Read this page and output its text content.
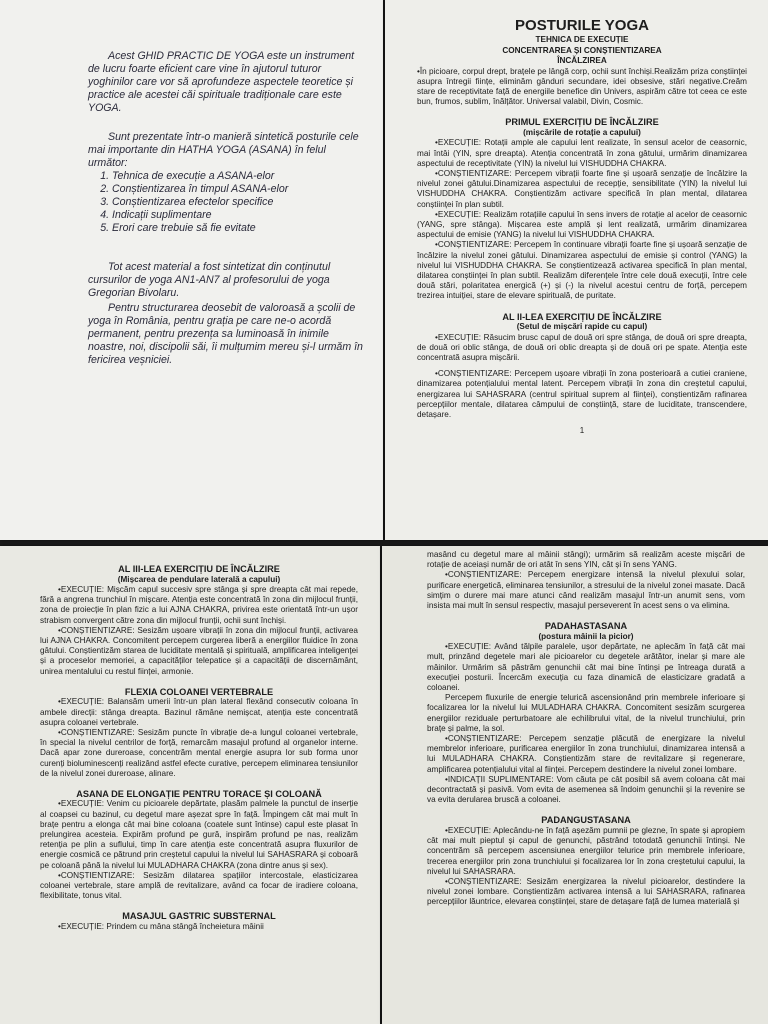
Acest GHID PRACTIC DE YOGA este un instrument de lucru foarte eficient care vine în ajutorul tuturor yoghinilor care vor să aprofundeze aspectele teoretice și practice ale acestei căi spirituale tradiționale care este YOGA.

Sunt prezentate într-o manieră sintetică posturile cele mai importante din HATHA YOGA (ASANA) în felul următor:

1. Tehnica de execuție a ASANA-elor
2. Conștientizarea în timpul ASANA-elor
3. Conștientizarea efectelor specifice
4. Indicații suplimentare
5. Erori care trebuie să fie evitate

Tot acest material a fost sintetizat din conținutul cursurilor de yoga AN1-AN7 al profesorului de yoga Gregorian Bivolaru.

Pentru structurarea deosebit de valoroasă a școlii de yoga în România, pentru grația pe care ne-o acordă permanent, pentru prezența sa luminoasă în inimile noastre, noi, discipolii săi, îi mulțumim mereu și-l urmăm în fericirea veșniciei.

POSTURILE YOGA

TEHNICA DE EXECUȚIE

CONCENTRAREA ȘI CONȘTIENTIZAREA

ÎNCĂLZIREA

•În picioare, corpul drept, brațele pe lângă corp, ochii sunt închiși.Realizăm priza conștiinței asupra întregii ființe, eliminăm gânduri secundare, idei obsesive, stări negative.Creăm stare de receptivitate față de energiile benefice din Univers, aspirăm către tot ceea ce este bun, frumos, sublim, înălțător. Universal valabil, Divin, Cosmic.

PRIMUL EXERCIȚIU DE ÎNCĂLZIRE

(mișcările de rotație a capului)

•EXECUȚIE: Rotații ample ale capului lent realizate, în sensul acelor de ceasornic, mai întâi (YIN, spre dreapta). Atenția concentrată în zona gâtului, urmărim dinamizarea aspectului de receptivitate (YIN) la nivelul lui VISHUDDHA CHAKRA.

•CONȘTIENTIZARE: Percepem vibrații foarte fine și ușoară senzație de încălzire la nivelul zonei gâtului.Dinamizarea aspectului de recepție, sensibilitate (YIN) la nivelul lui VISHUDDHA CHAKRA. Conștientizăm activare specifică în plan mental, dilatarea conștiinței în plan subtil.

•EXECUȚIE: Realizăm rotațiile capului în sens invers de rotație al acelor de ceasornic (YANG, spre stânga). Mișcarea este amplă și lent realizată, urmărim dinamizarea aspectului de emisie (YANG) la nivelul lui VISHUDDHA CHAKRA.

•CONȘTIENTIZARE: Percepem în continuare vibrații foarte fine și ușoară senzație de încălzire la nivelul zonei gâtului. Dinamizarea aspectului de emisie și control (YANG) la nivelul lui VISHUDDHA CHAKRA. Se conștientizează activarea specifică în plan mental, dilatarea conștiinței în plan subtil. Realizăm diferențele între cele două execuții, între cele două stări, polaritatea energică (+) și (-) la nivelul acestui centru de forță, percepem trezirea intuiției, stare de elevare spirituală, de puritate.

AL II-LEA EXERCIȚIU DE ÎNCĂLZIRE

(Setul de mișcări rapide cu capul)

•EXECUȚIE: Răsucim brusc capul de două ori spre stânga, de două ori spre dreapta, de două ori oblic stânga, de două ori oblic dreapta și de două ori pe spate. Atenția este concentrată asupra mișcării.

•CONȘTIENTIZARE: Percepem ușoare vibrații în zona posterioară a cutiei craniene, dinamizarea potențialului mental latent. Percepem vibrații în zona din creștetul capului, energizarea lui SAHASRARA (centrul spiritual suprem al ființei), conștientizăm rafinarea percepțiilor mentale, dilatarea câmpului de conștiință, stare de luciditate, transcendere, detașare.

1

AL III-LEA EXERCIȚIU DE ÎNCĂLZIRE

(Mișcarea de pendulare laterală a capului)

•EXECUȚIE: Mișcăm capul succesiv spre stânga și spre dreapta cât mai repede, fără a angrena trunchiul în mișcare. Atenția este concentrată în zona din mijlocul frunții, zona de proiecție în plan fizic a lui AJNA CHAKRA, privirea este orientată într-un ușor strabism convergent către zona din mijlocul frunții, ochii sunt închiși.

•CONȘTIENTIZARE: Sesizăm ușoare vibrații în zona din mijlocul frunții, activarea lui AJNA CHAKRA. Concomitent percepem curgerea liberă a energiilor fluidice în zona gâtului. Conștientizăm starea de luciditate mentală și spirituală, amplificarea inteligenței și a proceselor memoriei, a capacităților telepatice și a capacității de discernământ, unirea mentalului cu restul ființei, armonie.

FLEXIA COLOANEI VERTEBRALE

•EXECUȚIE: Balansăm umerii într-un plan lateral flexând consecutiv coloana în ambele direcții: stânga dreapta. Bazinul rămâne nemișcat, atenția este concentrată asupra coloanei vertebrale.

•CONȘTIENTIZARE: Sesizăm puncte în vibrație de-a lungul coloanei vertebrale, în special la nivelul centrilor de forță, remarcăm masajul profund al organelor interne. Dacă apar zone dureroase, concentrăm mental energie asupra lor sub forma unor curenți bioluminescenți realizând astfel efecte curative, percepem eliminarea tensiunilor de la nivelul zonei dureroase, alinare.

ASANA DE ELONGAȚIE PENTRU TORACE ȘI COLOANĂ

•EXECUȚIE: Venim cu picioarele depărtate, plasăm palmele la punctul de inserție al coapsei cu bazinul, cu degetul mare așezat spre în față. Împingem cât mai mult în brațe pentru a elonga cât mai bine coloana (coatele sunt întinse) capul este plasat în prelungirea acesteia. Expirăm profund pe gură, inspirăm profund pe nas, realizăm retenția pe plin a suflului, timp în care atenția este concentrată asupra fluxurilor de energie cosmică ce pătrund prin creștetul capului la nivelul lui SAHASRARA și coboară pe coloană până la nivelul lui MULADHARA CHAKRA (zona dintre anus și sex).

•CONȘTIENTIZARE: Sesizăm dilatarea spațiilor intercostale, elasticizarea coloanei vertebrale, stare amplă de revitalizare, având ca focar de iradiere coloana, flexibilitate, tonus vital.

MASAJUL GASTRIC SUBSTERNAL

•EXECUȚIE: Prindem cu mâna stângă încheietura mâinii

masând cu degetul mare al mâinii stângi); urmărim să realizăm aceste mișcări de rotație de aceiași număr de ori atât în sens YIN, cât și în sens YANG.

•CONȘTIENTIZARE: Percepem energizare intensă la nivelul plexului solar, purificare energetică, eliminarea tensiunilor, a stresului de la nivelul zonei masate. Dacă simțim o durere mai mare atunci când realizăm masajul într-un anumit sens, vom insista mai mult în sensul respectiv, masajul perseverent în acest sens o va elimina.

PADAHASTASANA

(postura mâinii la picior)

•EXECUȚIE: Având tălpile paralele, ușor depărtate, ne aplecăm în față cât mai mult, prinzând degetele mari ale picioarelor cu degetele arătător, inelar și mare ale mâinilor. Urmărim să păstrăm genunchii cât mai bine întinși pe întreaga durată a execuției posturii. Încercăm execuția cu faza dinamică de elasticizare gradată a coloanei.

Percepem fluxurile de energie telurică ascensionând prin membrele inferioare și focalizarea lor la nivelul lui MULADHARA CHAKRA. Concomitent sesizăm scurgerea energiilor reziduale perturbatoare ale echilibrului vital, de la nivelul trunchiului, prin brațe și palme, la sol.

•CONȘTIENTIZARE: Percepem senzație plăcută de energizare la nivelul membrelor inferioare, purificarea energiilor în zona trunchiului, dinamizarea intensă a lui MULADHARA CHAKRA. Conștientizăm stare de revitalizare și regenerare, amplificarea potențialului vital al ființei. Percepem destindere la nivelul zonei lombare.

•INDICAȚII SUPLIMENTARE: Vom căuta pe cât posibil să avem coloana cât mai decontractată și pasivă. Vom evita de asemenea să îndoim genunchii și la revenire se va evita derularea bruscă a coloanei.

PADANGUSTASANA

•EXECUȚIE: Aplecându-ne în față așezăm pumnii pe glezne, în spate și apropiem cât mai mult pieptul și capul de genunchi, păstrând totodată genunchii întinși. Ne concentrăm să percepem ascensiunea energiilor telurice prin membrele inferioare, trecerea energiilor prin zona trunchiului și focalizarea lor în zona creștetului capului, la nivelul lui SAHASRARA.

•CONȘTIENTIZARE: Sesizăm energizarea la nivelul picioarelor, destindere la nivelul zonei lombare. Conștientizăm activarea intensă a lui SAHASRARA, rafinarea percepțiilor lăuntrice, elevarea conștiinței, stare de detașare față de lumea materială și
